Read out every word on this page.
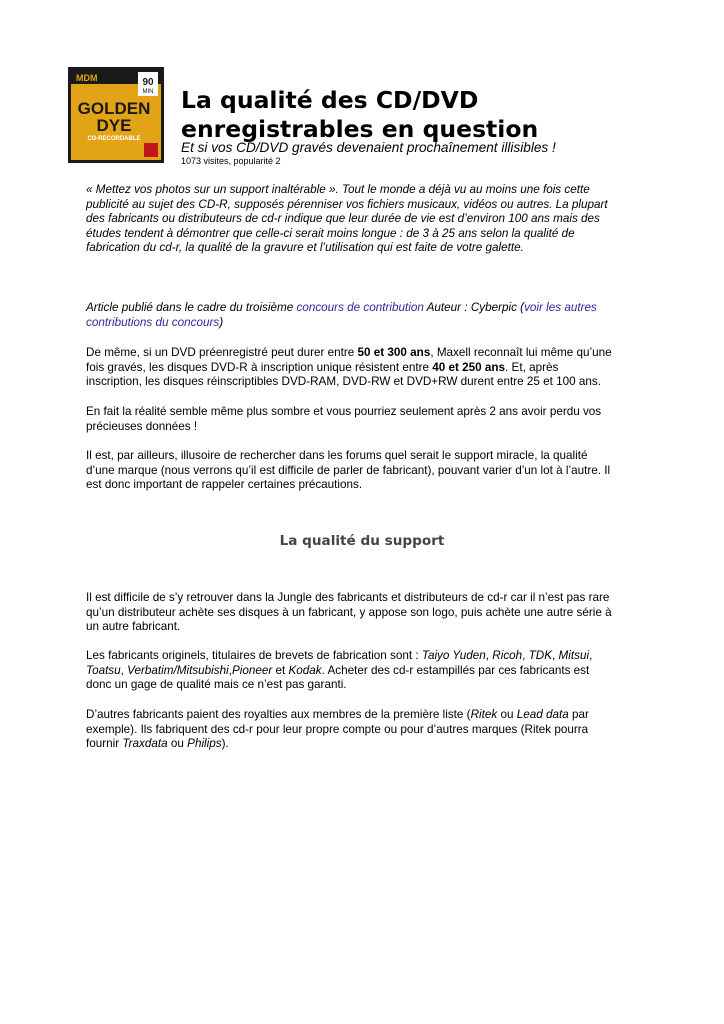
MDM	90
MIN
GOLDEN
DYE
CD-RECORDABLE
La qualité des CD/DVD
enregistrables en question

Et si vos CD/DVD gravés devenaient prochaînement illisibles !

1073 visites, popularité 2

« Mettez vos photos sur un support inaltérable ». Tout le monde a déjà vu au moins une fois cette
publicité au sujet des CD-R, supposés pérenniser vos fichiers musicaux, vidéos ou autres. La plupart
des fabricants ou distributeurs de cd-r indique que leur durée de vie est d’environ 100 ans mais des
études tendent à démontrer que celle-ci serait moins longue : de 3 à 25 ans selon la qualité de
fabrication du cd-r, la qualité de la gravure et l’utilisation qui est faite de votre galette.

Article publié dans le cadre du troisième concours de contribution Auteur : Cyberpic (voir les autres
contributions du concours)

De même, si un DVD préenregistré peut durer entre 50 et 300 ans, Maxell reconnaît lui même qu’une
fois gravés, les disques DVD-R à inscription unique résistent entre 40 et 250 ans. Et, après
inscription, les disques réinscriptibles DVD-RAM, DVD-RW et DVD+RW durent entre 25 et 100 ans.

En fait la réalité semble même plus sombre et vous pourriez seulement après 2 ans avoir perdu vos
précieuses données !

Il est, par ailleurs, illusoire de rechercher dans les forums quel serait le support miracle, la qualité
d’une marque (nous verrons qu’il est difficile de parler de fabricant), pouvant varier d’un lot à l’autre. Il
est donc important de rappeler certaines précautions.

La qualité du support

Il est difficile de s’y retrouver dans la Jungle des fabricants et distributeurs de cd-r car il n’est pas rare
qu’un distributeur achète ses disques à un fabricant, y appose son logo, puis achète une autre série à
un autre fabricant.

Les fabricants originels, titulaires de brevets de fabrication sont : Taiyo Yuden, Ricoh, TDK, Mitsui,
Toatsu, Verbatim/Mitsubishi,Pioneer et Kodak. Acheter des cd-r estampillés par ces fabricants est
donc un gage de qualité mais ce n’est pas garanti.

D’autres fabricants paient des royalties aux membres de la première liste (Ritek ou Lead data par
exemple). Ils fabriquent des cd-r pour leur propre compte ou pour d’autres marques (Ritek pourra
fournir Traxdata ou Philips).
